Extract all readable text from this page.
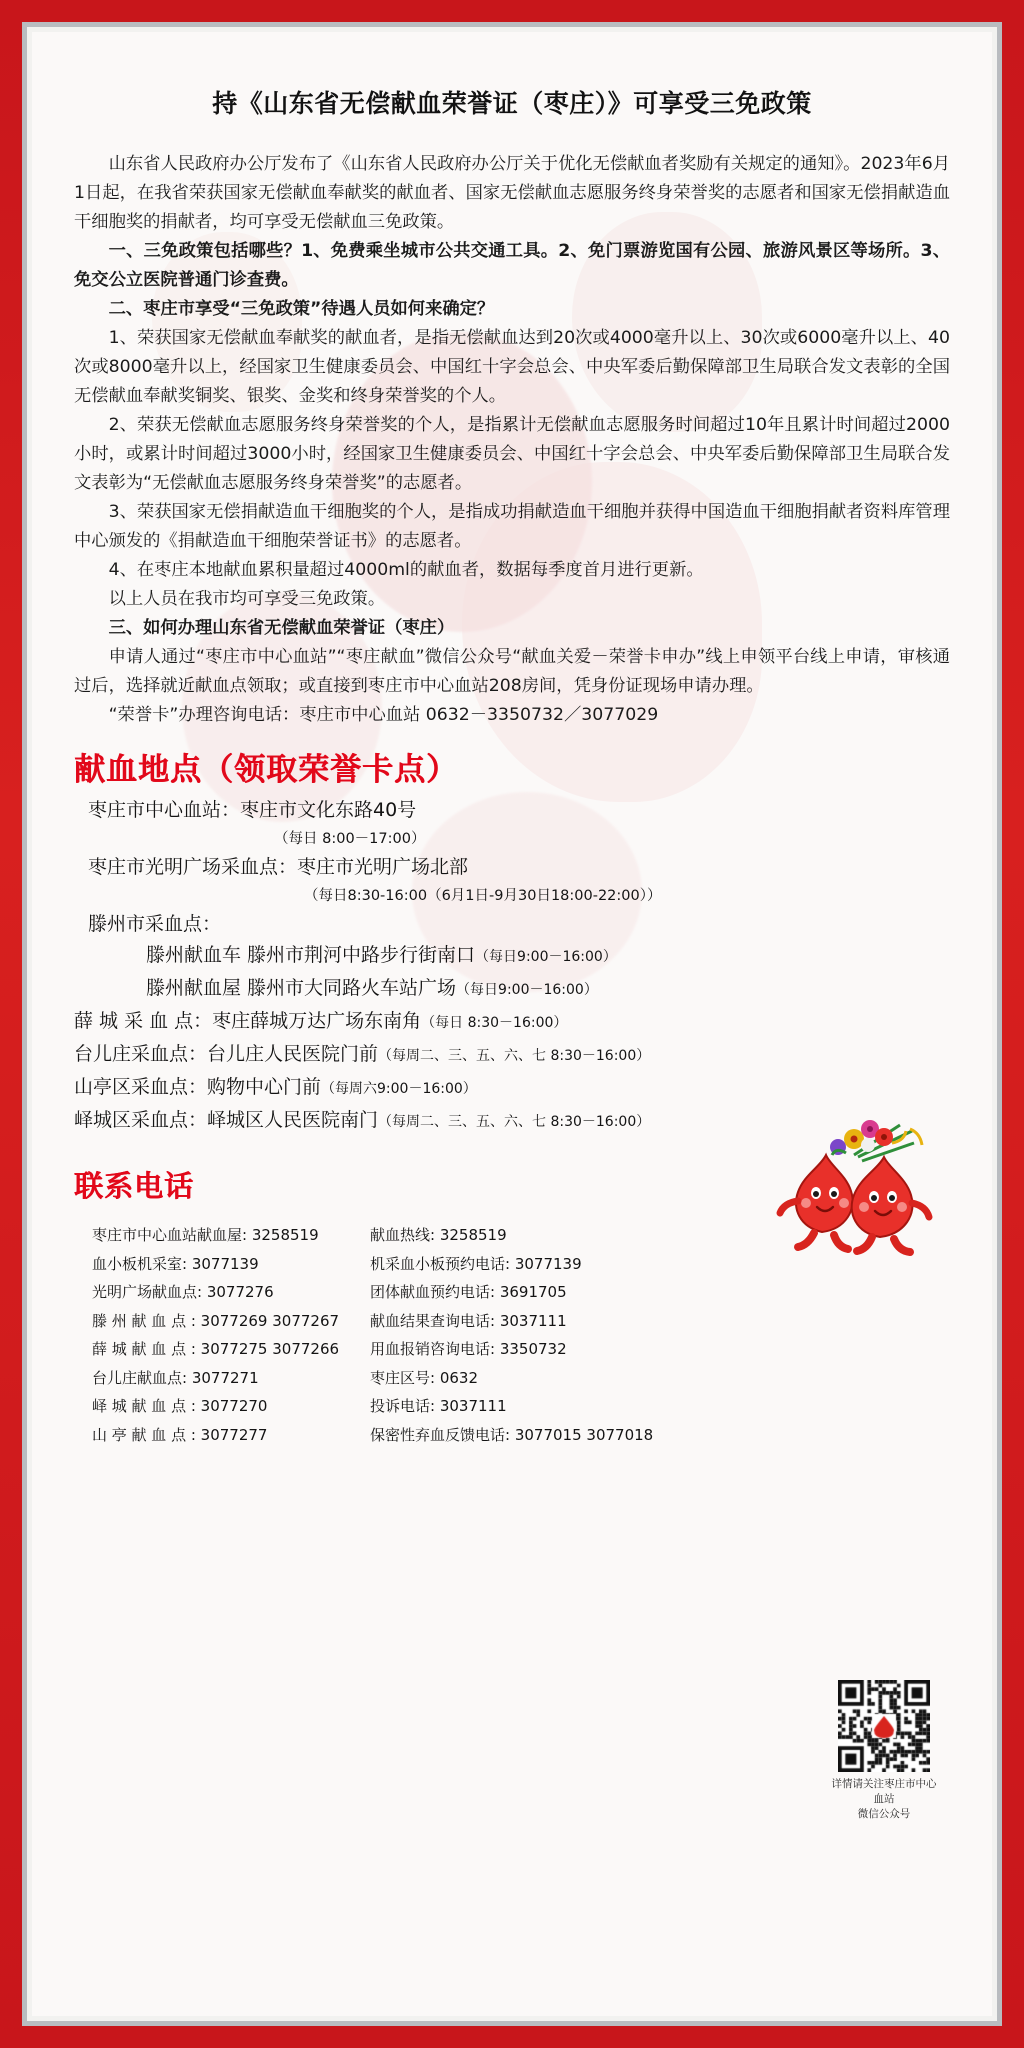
持《山东省无偿献血荣誉证（枣庄）》可享受三免政策

山东省人民政府办公厅发布了《山东省人民政府办公厅关于优化无偿献血者奖励有关规定的通知》。2023年6月1日起，在我省荣获国家无偿献血奉献奖的献血者、国家无偿献血志愿服务终身荣誉奖的志愿者和国家无偿捐献造血干细胞奖的捐献者，均可享受无偿献血三免政策。

一、三免政策包括哪些？1、免费乘坐城市公共交通工具。2、免门票游览国有公园、旅游风景区等场所。3、免交公立医院普通门诊查费。

二、枣庄市享受“三免政策”待遇人员如何来确定？

1、荣获国家无偿献血奉献奖的献血者，是指无偿献血达到20次或4000毫升以上、30次或6000毫升以上、40次或8000毫升以上，经国家卫生健康委员会、中国红十字会总会、中央军委后勤保障部卫生局联合发文表彰的全国无偿献血奉献奖铜奖、银奖、金奖和终身荣誉奖的个人。

2、荣获无偿献血志愿服务终身荣誉奖的个人，是指累计无偿献血志愿服务时间超过10年且累计时间超过2000小时，或累计时间超过3000小时，经国家卫生健康委员会、中国红十字会总会、中央军委后勤保障部卫生局联合发文表彰为“无偿献血志愿服务终身荣誉奖”的志愿者。

3、荣获国家无偿捐献造血干细胞奖的个人，是指成功捐献造血干细胞并获得中国造血干细胞捐献者资料库管理中心颁发的《捐献造血干细胞荣誉证书》的志愿者。

4、在枣庄本地献血累积量超过4000ml的献血者，数据每季度首月进行更新。

以上人员在我市均可享受三免政策。

三、如何办理山东省无偿献血荣誉证（枣庄）

申请人通过“枣庄市中心血站”“枣庄献血”微信公众号“献血关爱－荣誉卡申办”线上申领平台线上申请，审核通过后，选择就近献血点领取；或直接到枣庄市中心血站208房间，凭身份证现场申请办理。

“荣誉卡”办理咨询电话：枣庄市中心血站 0632－3350732／3077029

献血地点（领取荣誉卡点）
枣庄市中心血站：枣庄市文化东路40号
（每日 8:00－17:00）
枣庄市光明广场采血点：枣庄市光明广场北部
（每日8:30-16:00（6月1日-9月30日18:00-22:00））
滕州市采血点：
滕州献血车 滕州市荆河中路步行街南口（每日9:00－16:00）
滕州献血屋 滕州市大同路火车站广场（每日9:00－16:00）
薛 城 采 血 点：枣庄薛城万达广场东南角（每日 8:30－16:00）
台儿庄采血点：台儿庄人民医院门前（每周二、三、五、六、七 8:30－16:00）
山亭区采血点：购物中心门前（每周六9:00－16:00）
峄城区采血点：峄城区人民医院南门（每周二、三、五、六、七 8:30－16:00）
联系电话
枣庄市中心血站献血屋: 3258519
血小板机采室: 3077139
光明广场献血点: 3077276
滕 州 献 血 点 : 3077269 3077267
薛 城 献 血 点 : 3077275 3077266
台儿庄献血点: 3077271
峄 城 献 血 点 : 3077270
山 亭 献 血 点 : 3077277
献血热线: 3258519
机采血小板预约电话: 3077139
团体献血预约电话: 3691705
献血结果查询电话: 3037111
用血报销咨询电话: 3350732
枣庄区号: 0632
投诉电话: 3037111
保密性弃血反馈电话: 3077015 3077018
详情请关注枣庄市中心血站
微信公众号
